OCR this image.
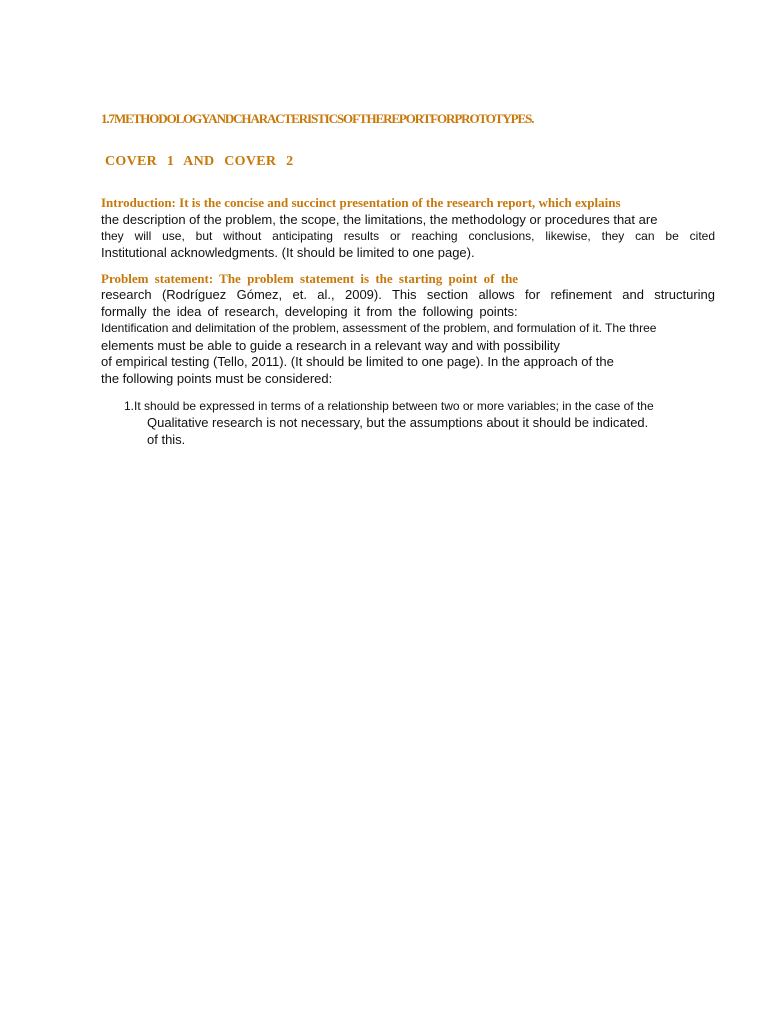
1.7METHODOLOGYANDCHARACTERISTICSOFTHEREPORTFORPROTOTYPES.
COVER 1 AND COVER 2
Introduction: It is the concise and succinct presentation of the research report, which explains
the description of the problem, the scope, the limitations, the methodology or procedures that are
they will use, but without anticipating results or reaching conclusions, likewise, they can be cited
Institutional acknowledgments. (It should be limited to one page).
Problem statement: The problem statement is the starting point of the
research (Rodríguez Gómez, et. al., 2009). This section allows for refinement and structuring
formally the idea of research, developing it from the following points:
Identification and delimitation of the problem, assessment of the problem, and formulation of it. The three
elements must be able to guide a research in a relevant way and with possibility
of empirical testing (Tello, 2011). (It should be limited to one page). In the approach of the
the following points must be considered:
1.It should be expressed in terms of a relationship between two or more variables; in the case of the
Qualitative research is not necessary, but the assumptions about it should be indicated.
of this.
